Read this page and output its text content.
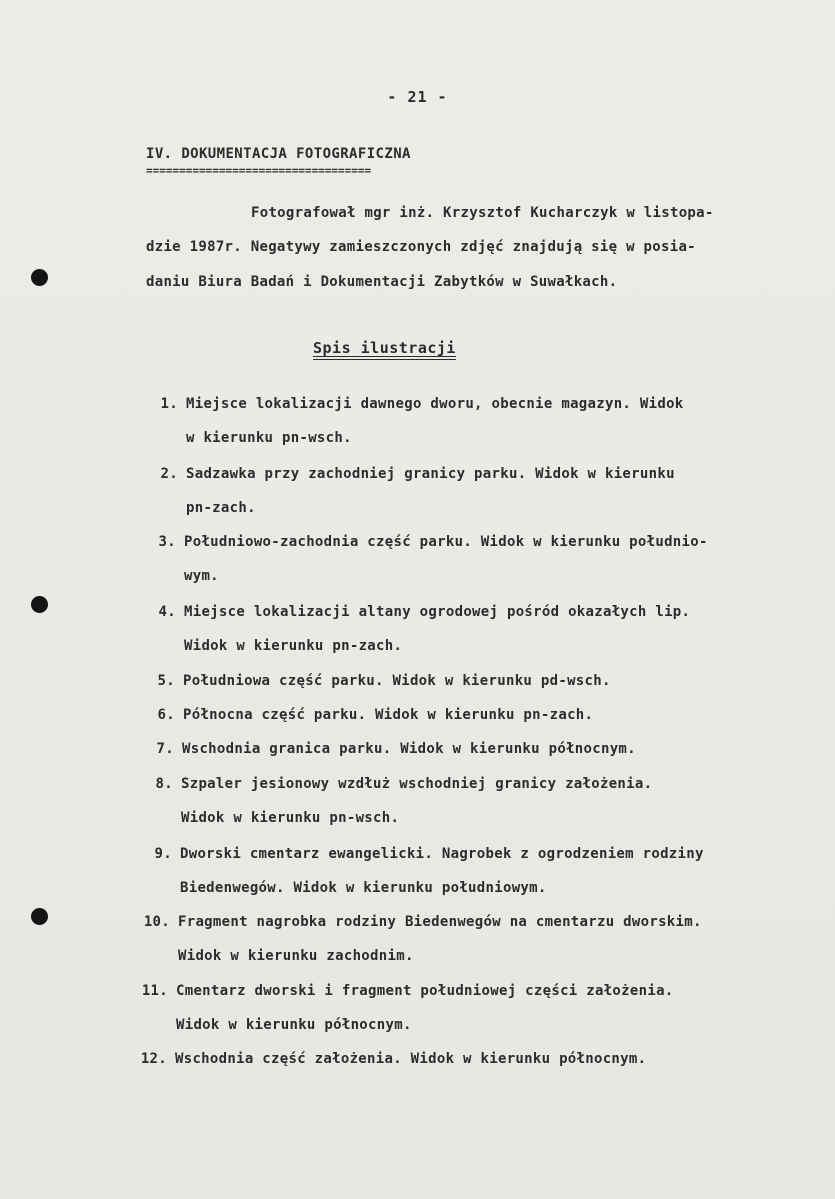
- 21 -
IV. DOKUMENTACJA FOTOGRAFICZNA
==================================
Fotografował mgr inż. Krzysztof Kucharczyk w listopa-
dzie 1987r. Negatywy zamieszczonych zdjęć znajdują się w posia-
daniu Biura Badań i Dokumentacji Zabytków w Suwałkach.
Spis ilustracji
1. Miejsce lokalizacji dawnego dworu, obecnie magazyn. Widok
w kierunku pn-wsch.
2. Sadzawka przy zachodniej granicy parku. Widok w kierunku
pn-zach.
3. Południowo-zachodnia część parku. Widok w kierunku południo-
wym.
4. Miejsce lokalizacji altany ogrodowej pośród okazałych lip.
Widok w kierunku pn-zach.
5. Południowa część parku. Widok w kierunku pd-wsch.
6. Północna część parku. Widok w kierunku pn-zach.
7. Wschodnia granica parku. Widok w kierunku północnym.
8. Szpaler jesionowy wzdłuż wschodniej granicy założenia.
Widok w kierunku pn-wsch.
9. Dworski cmentarz ewangelicki. Nagrobek z ogrodzeniem rodziny
Biedenwegów. Widok w kierunku południowym.
10. Fragment nagrobka rodziny Biedenwegów na cmentarzu dworskim.
Widok w kierunku zachodnim.
11. Cmentarz dworski i fragment południowej części założenia.
Widok w kierunku północnym.
12. Wschodnia część założenia. Widok w kierunku północnym.
